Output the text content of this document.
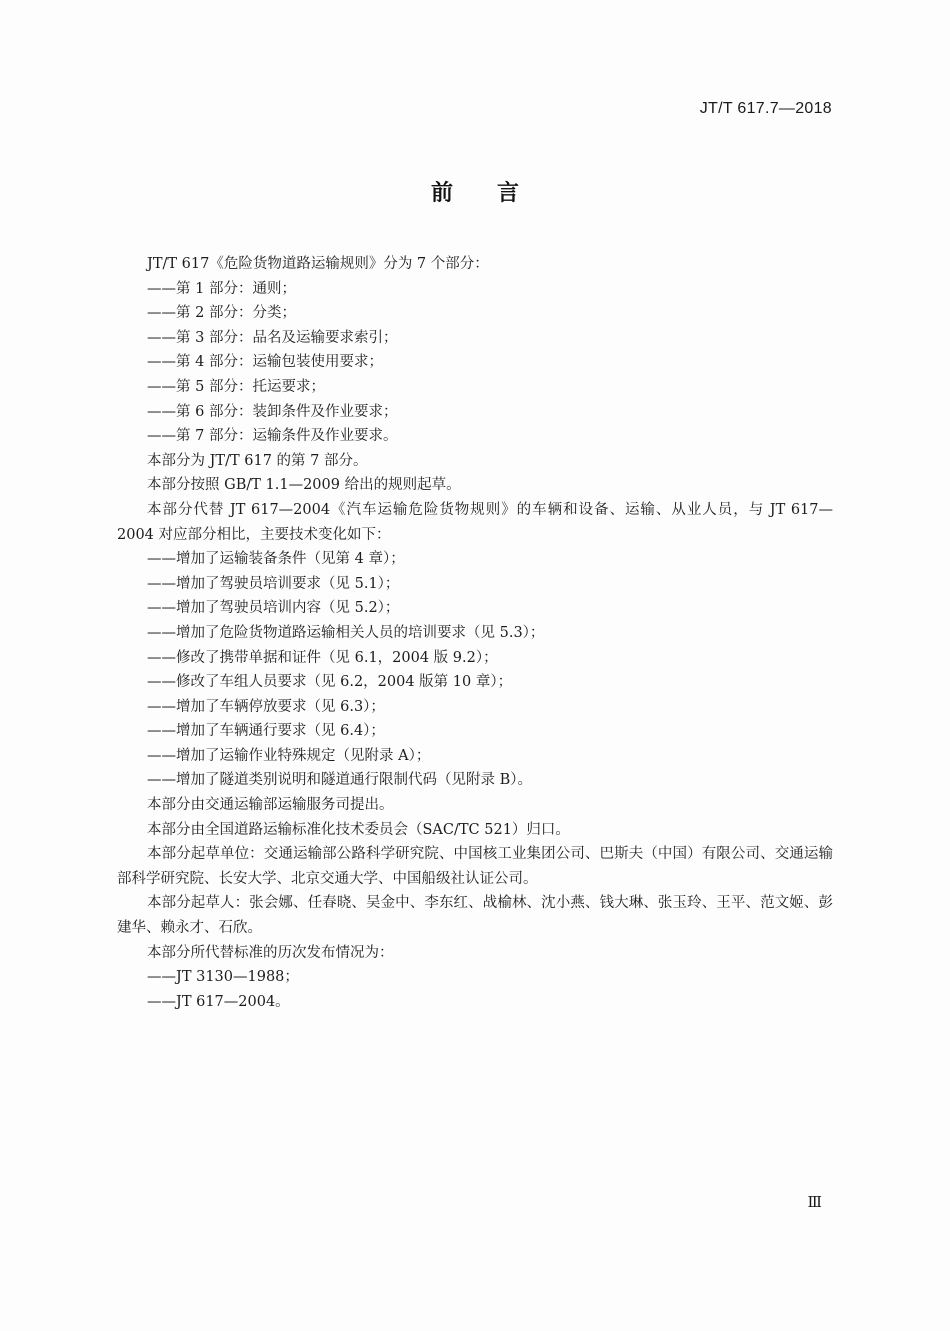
JT/T 617.7—2018
前言

JT/T 617《危险货物道路运输规则》分为 7 个部分：

——第 1 部分：通则；

——第 2 部分：分类；

——第 3 部分：品名及运输要求索引；

——第 4 部分：运输包装使用要求；

——第 5 部分：托运要求；

——第 6 部分：装卸条件及作业要求；

——第 7 部分：运输条件及作业要求。

本部分为 JT/T 617 的第 7 部分。

本部分按照 GB/T 1.1—2009 给出的规则起草。

本部分代替 JT 617—2004《汽车运输危险货物规则》的车辆和设备、运输、从业人员，与 JT 617—2004 对应部分相比，主要技术变化如下：

——增加了运输装备条件（见第 4 章）；

——增加了驾驶员培训要求（见 5.1）；

——增加了驾驶员培训内容（见 5.2）；

——增加了危险货物道路运输相关人员的培训要求（见 5.3）；

——修改了携带单据和证件（见 6.1，2004 版 9.2）；

——修改了车组人员要求（见 6.2，2004 版第 10 章）；

——增加了车辆停放要求（见 6.3）；

——增加了车辆通行要求（见 6.4）；

——增加了运输作业特殊规定（见附录 A）；

——增加了隧道类别说明和隧道通行限制代码（见附录 B）。

本部分由交通运输部运输服务司提出。

本部分由全国道路运输标准化技术委员会（SAC/TC 521）归口。

本部分起草单位：交通运输部公路科学研究院、中国核工业集团公司、巴斯夫（中国）有限公司、交通运输部科学研究院、长安大学、北京交通大学、中国船级社认证公司。

本部分起草人：张会娜、任春晓、吴金中、李东红、战榆林、沈小燕、钱大琳、张玉玲、王平、范文姬、彭建华、赖永才、石欣。

本部分所代替标准的历次发布情况为：

——JT 3130—1988；

——JT 617—2004。

Ⅲ
